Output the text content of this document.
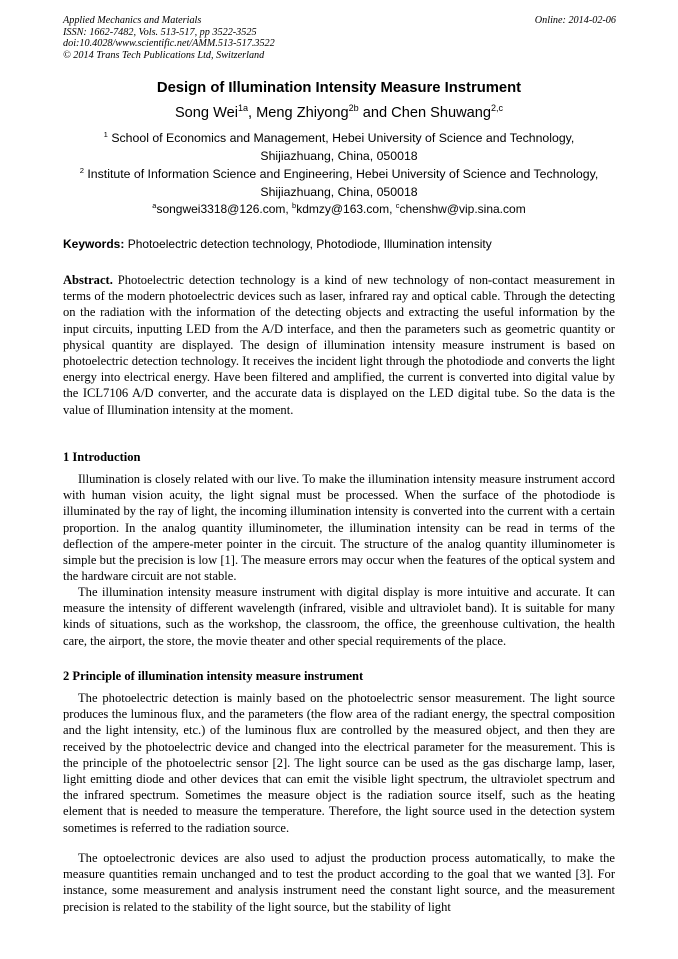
Applied Mechanics and Materials
ISSN: 1662-7482, Vols. 513-517, pp 3522-3525
doi:10.4028/www.scientific.net/AMM.513-517.3522
© 2014 Trans Tech Publications Ltd, Switzerland
Online: 2014-02-06
Design of Illumination Intensity Measure Instrument
Song Wei$^{1a}$, Meng Zhiyong$^{2b}$ and Chen Shuwang$^{2,c}$
$^1$ School of Economics and Management, Hebei University of Science and Technology,
Shijiazhuang, China, 050018
$^2$ Institute of Information Science and Engineering, Hebei University of Science and Technology,
Shijiazhuang, China, 050018
$^a$songwei3318@126.com, $^b$kdmzy@163.com, $^c$chenshw@vip.sina.com
Keywords: Photoelectric detection technology, Photodiode, Illumination intensity
Abstract. Photoelectric detection technology is a kind of new technology of non-contact measurement in terms of the modern photoelectric devices such as laser, infrared ray and optical cable. Through the detecting on the radiation with the information of the detecting objects and extracting the useful information by the input circuits, inputting LED from the A/D interface, and then the parameters such as geometric quantity or physical quantity are displayed. The design of illumination intensity measure instrument is based on photoelectric detection technology. It receives the incident light through the photodiode and converts the light energy into electrical energy. Have been filtered and amplified, the current is converted into digital value by the ICL7106 A/D converter, and the accurate data is displayed on the LED digital tube. So the data is the value of Illumination intensity at the moment.
1 Introduction
Illumination is closely related with our live. To make the illumination intensity measure instrument accord with human vision acuity, the light signal must be processed. When the surface of the photodiode is illuminated by the ray of light, the incoming illumination intensity is converted into the current with a certain proportion. In the analog quantity illuminometer, the illumination intensity can be read in terms of the deflection of the ampere-meter pointer in the circuit. The structure of the analog quantity illuminometer is simple but the precision is low [1]. The measure errors may occur when the features of the optical system and the hardware circuit are not stable.
The illumination intensity measure instrument with digital display is more intuitive and accurate. It can measure the intensity of different wavelength (infrared, visible and ultraviolet band). It is suitable for many kinds of situations, such as the workshop, the classroom, the office, the greenhouse cultivation, the health care, the airport, the store, the movie theater and other special requirements of the place.
2 Principle of illumination intensity measure instrument
The photoelectric detection is mainly based on the photoelectric sensor measurement. The light source produces the luminous flux, and the parameters (the flow area of the radiant energy, the spectral composition and the light intensity, etc.) of the luminous flux are controlled by the measured object, and then they are received by the photoelectric device and changed into the electrical parameter for the measurement. This is the principle of the photoelectric sensor [2]. The light source can be used as the gas discharge lamp, laser, light emitting diode and other devices that can emit the visible light spectrum, the ultraviolet spectrum and the infrared spectrum. Sometimes the measure object is the radiation source itself, such as the heating element that is needed to measure the temperature. Therefore, the light source used in the detection system sometimes is referred to the radiation source.
The optoelectronic devices are also used to adjust the production process automatically, to make the measure quantities remain unchanged and to test the product according to the goal that we wanted [3]. For instance, some measurement and analysis instrument need the constant light source, and the measurement precision is related to the stability of the light source, but the stability of light
